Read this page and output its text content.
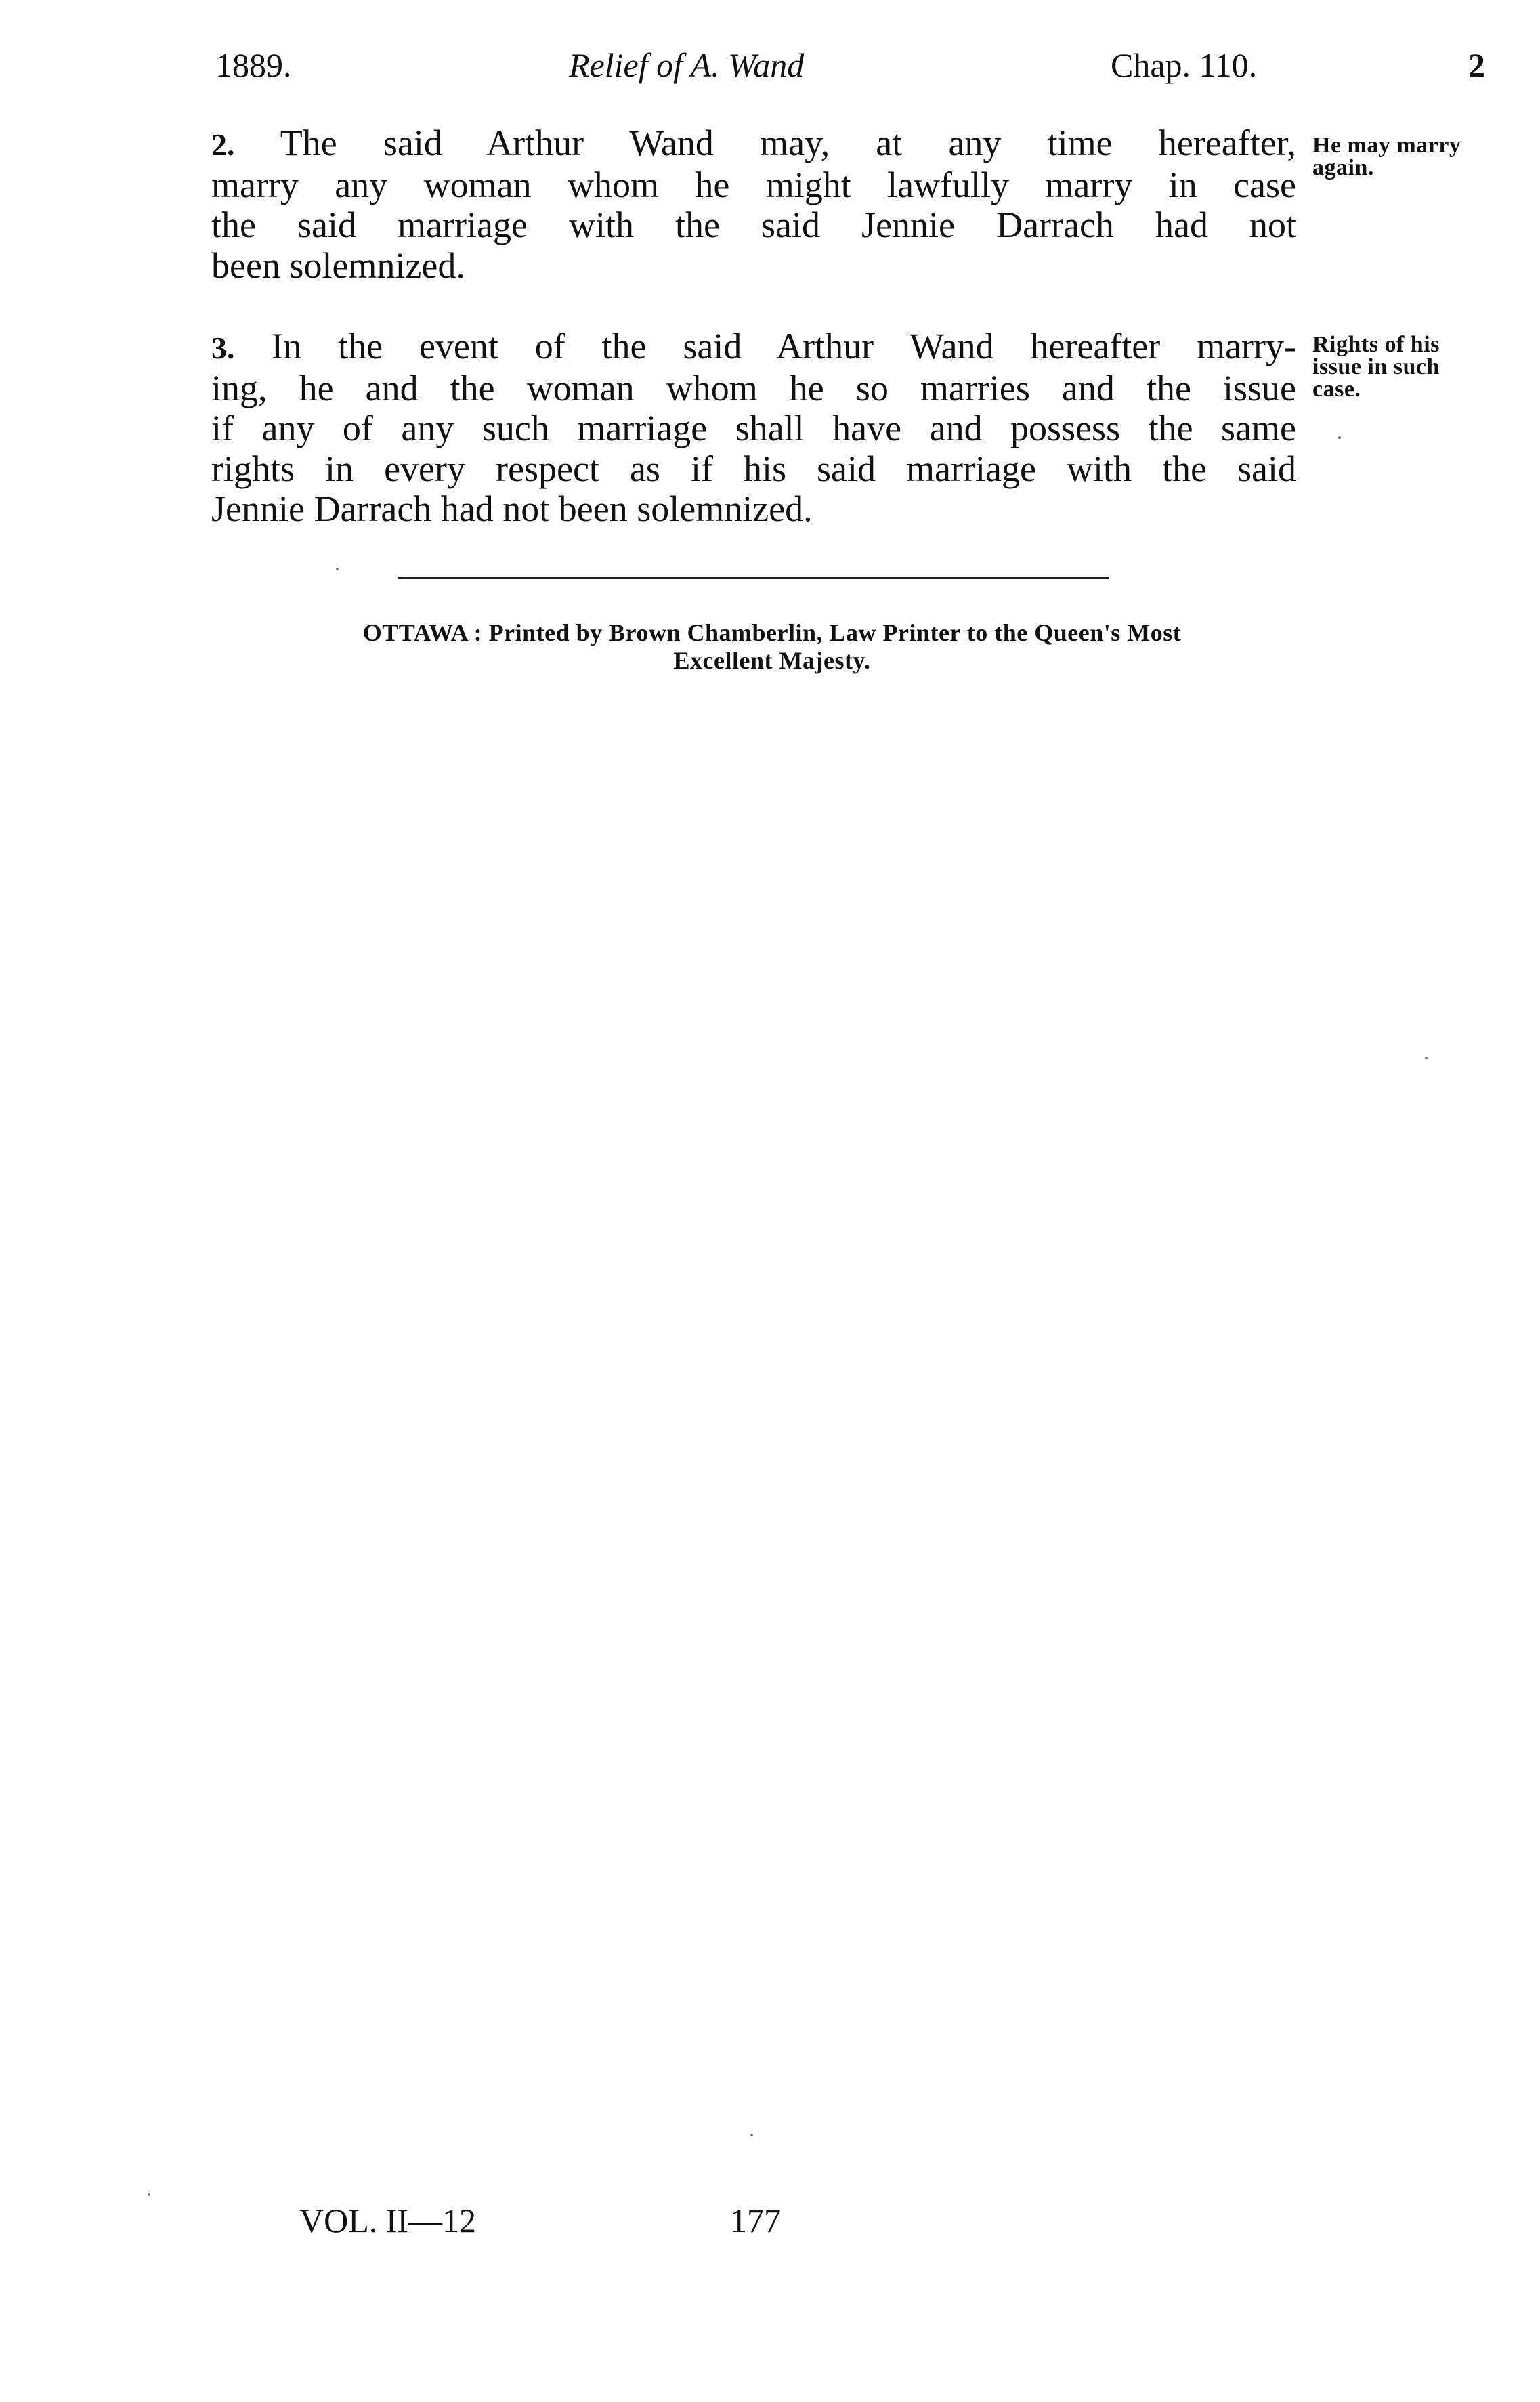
1889.	Relief of A. Wand	Chap. 110.	2
2. The said Arthur Wand may, at any time hereafter,
marry any woman whom he might lawfully marry in case
the said marriage with the said Jennie Darrach had not
been solemnized.
He may marry
again.
3. In the event of the said Arthur Wand hereafter marry-
ing, he and the woman whom he so marries and the issue
if any of any such marriage shall have and possess the same
rights in every respect as if his said marriage with the said
Jennie Darrach had not been solemnized.
Rights of his
issue in such
case.
OTTAWA : Printed by Brown Chamberlin, Law Printer to the Queen's Most
Excellent Majesty.
VOL. II—12	177
